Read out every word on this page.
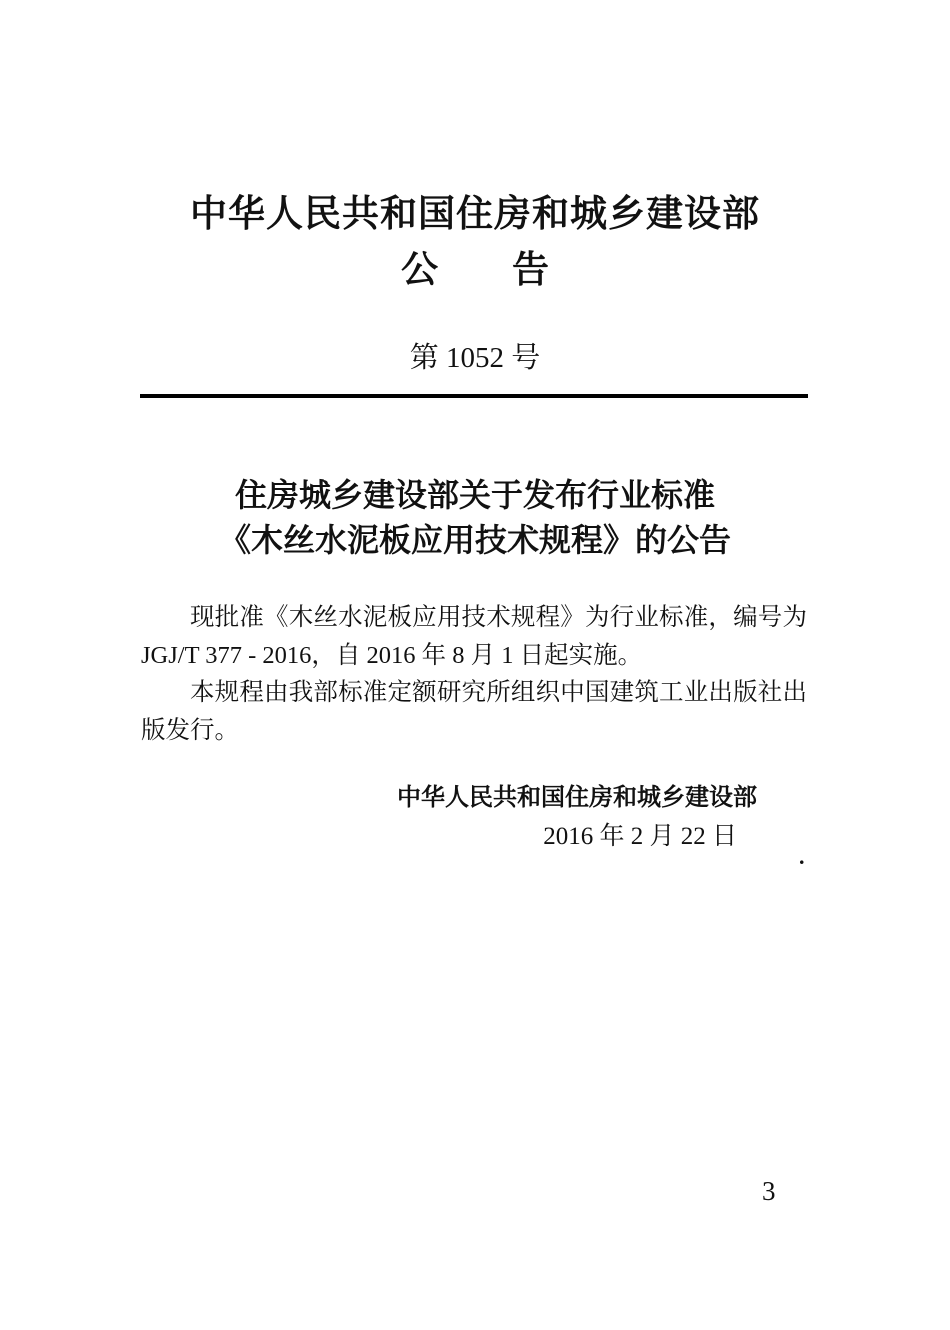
中华人民共和国住房和城乡建设部
公　　告
第 1052 号
住房城乡建设部关于发布行业标准
《木丝水泥板应用技术规程》的公告

现批准《木丝水泥板应用技术规程》为行业标准，编号为 JGJ/T 377 - 2016，自 2016 年 8 月 1 日起实施。

本规程由我部标准定额研究所组织中国建筑工业出版社出版发行。

中华人民共和国住房和城乡建设部
2016 年 2 月 22 日
.
3
